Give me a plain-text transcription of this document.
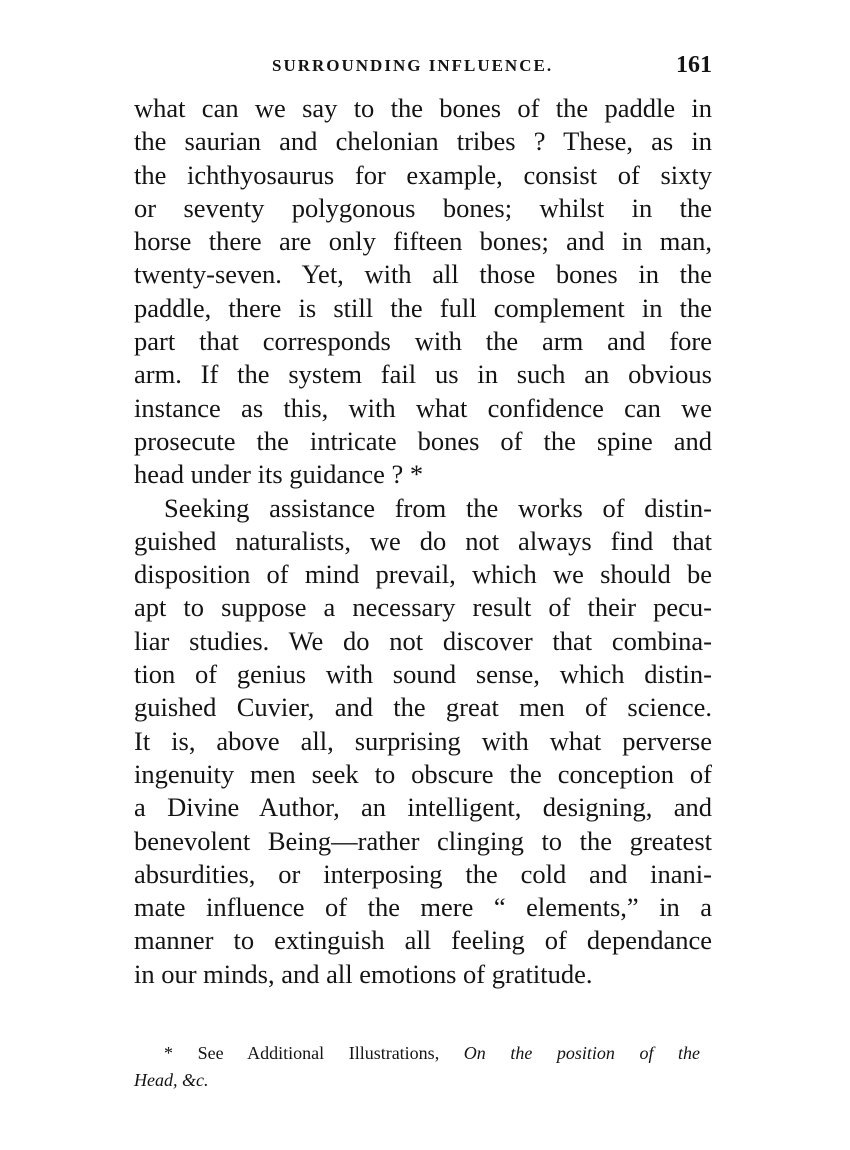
SURROUNDING INFLUENCE.	161
what can we say to the bones of the paddle in
the saurian and chelonian tribes ? These, as in
the ichthyosaurus for example, consist of sixty
or seventy polygonous bones; whilst in the
horse there are only fifteen bones; and in man,
twenty-seven. Yet, with all those bones in the
paddle, there is still the full complement in the
part that corresponds with the arm and fore
arm. If the system fail us in such an obvious
instance as this, with what confidence can we
prosecute the intricate bones of the spine and
head under its guidance ? *
Seeking assistance from the works of distin-
guished naturalists, we do not always find that
disposition of mind prevail, which we should be
apt to suppose a necessary result of their pecu-
liar studies. We do not discover that combina-
tion of genius with sound sense, which distin-
guished Cuvier, and the great men of science.
It is, above all, surprising with what perverse
ingenuity men seek to obscure the conception of
a Divine Author, an intelligent, designing, and
benevolent Being—rather clinging to the greatest
absurdities, or interposing the cold and inani-
mate influence of the mere “ elements,” in a
manner to extinguish all feeling of dependance
in our minds, and all emotions of gratitude.
* See Additional Illustrations, On the position of the
Head, &c.
